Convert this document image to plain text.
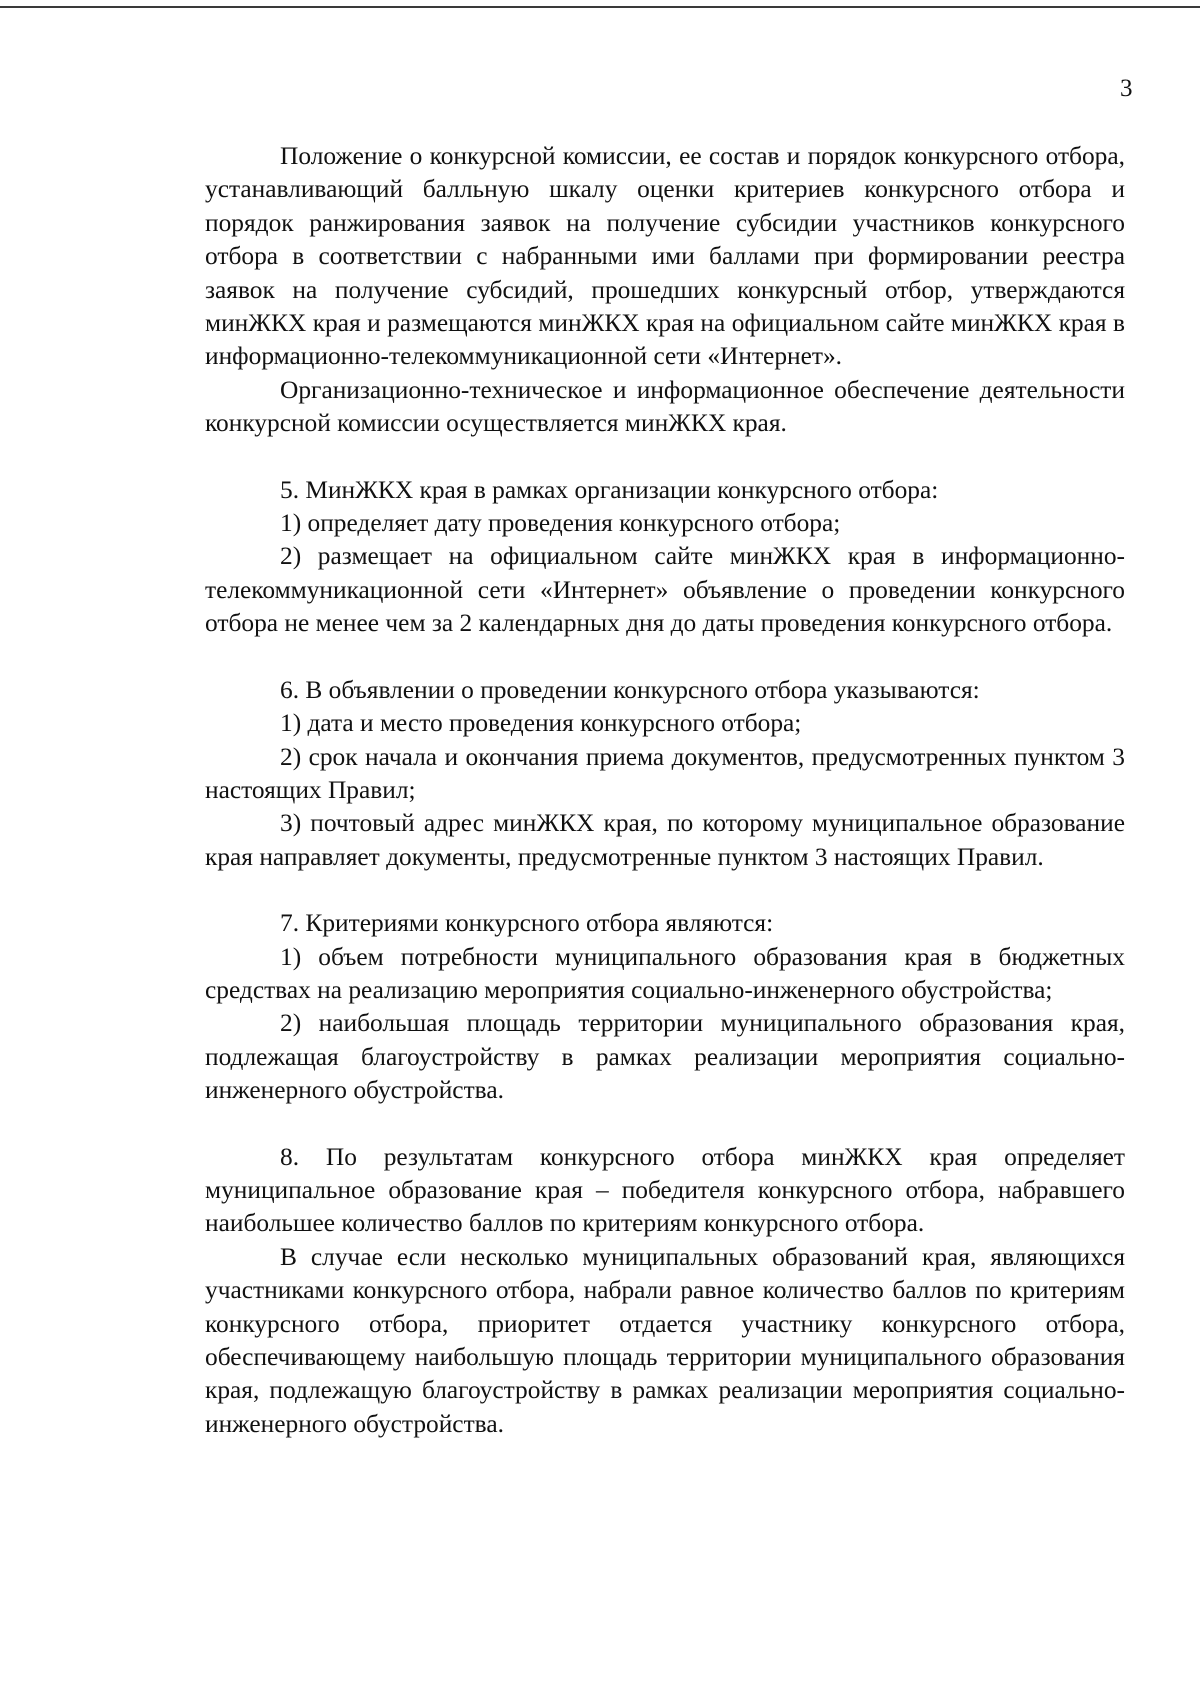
3

Положение о конкурсной комиссии, ее состав и порядок конкурсного отбора, устанавливающий балльную шкалу оценки критериев конкурсного отбора и порядок ранжирования заявок на получение субсидии участников конкурсного отбора в соответствии с набранными ими баллами при формировании реестра заявок на получение субсидий, прошедших конкурсный отбор, утверждаются минЖКХ края и размещаются минЖКХ края на официальном сайте минЖКХ края в информационно-телекоммуникационной сети «Интернет».

Организационно-техническое и информационное обеспечение деятельности конкурсной комиссии осуществляется минЖКХ края.

5. МинЖКХ края в рамках организации конкурсного отбора:

1) определяет дату проведения конкурсного отбора;

2) размещает на официальном сайте минЖКХ края в информационно-телекоммуникационной сети «Интернет» объявление о проведении конкурсного отбора не менее чем за 2 календарных дня до даты проведения конкурсного отбора.

6. В объявлении о проведении конкурсного отбора указываются:

1) дата и место проведения конкурсного отбора;

2) срок начала и окончания приема документов, предусмотренных пунктом 3 настоящих Правил;

3) почтовый адрес минЖКХ края, по которому муниципальное образование края направляет документы, предусмотренные пунктом 3 настоящих Правил.

7. Критериями конкурсного отбора являются:

1) объем потребности муниципального образования края в бюджетных средствах на реализацию мероприятия социально-инженерного обустройства;

2) наибольшая площадь территории муниципального образования края, подлежащая благоустройству в рамках реализации мероприятия социально-инженерного обустройства.

8. По результатам конкурсного отбора минЖКХ края определяет муниципальное образование края – победителя конкурсного отбора, набравшего наибольшее количество баллов по критериям конкурсного отбора.

В случае если несколько муниципальных образований края, являющихся участниками конкурсного отбора, набрали равное количество баллов по критериям конкурсного отбора, приоритет отдается участнику конкурсного отбора, обеспечивающему наибольшую площадь территории муниципального образования края, подлежащую благоустройству в рамках реализации мероприятия социально-инженерного обустройства.
